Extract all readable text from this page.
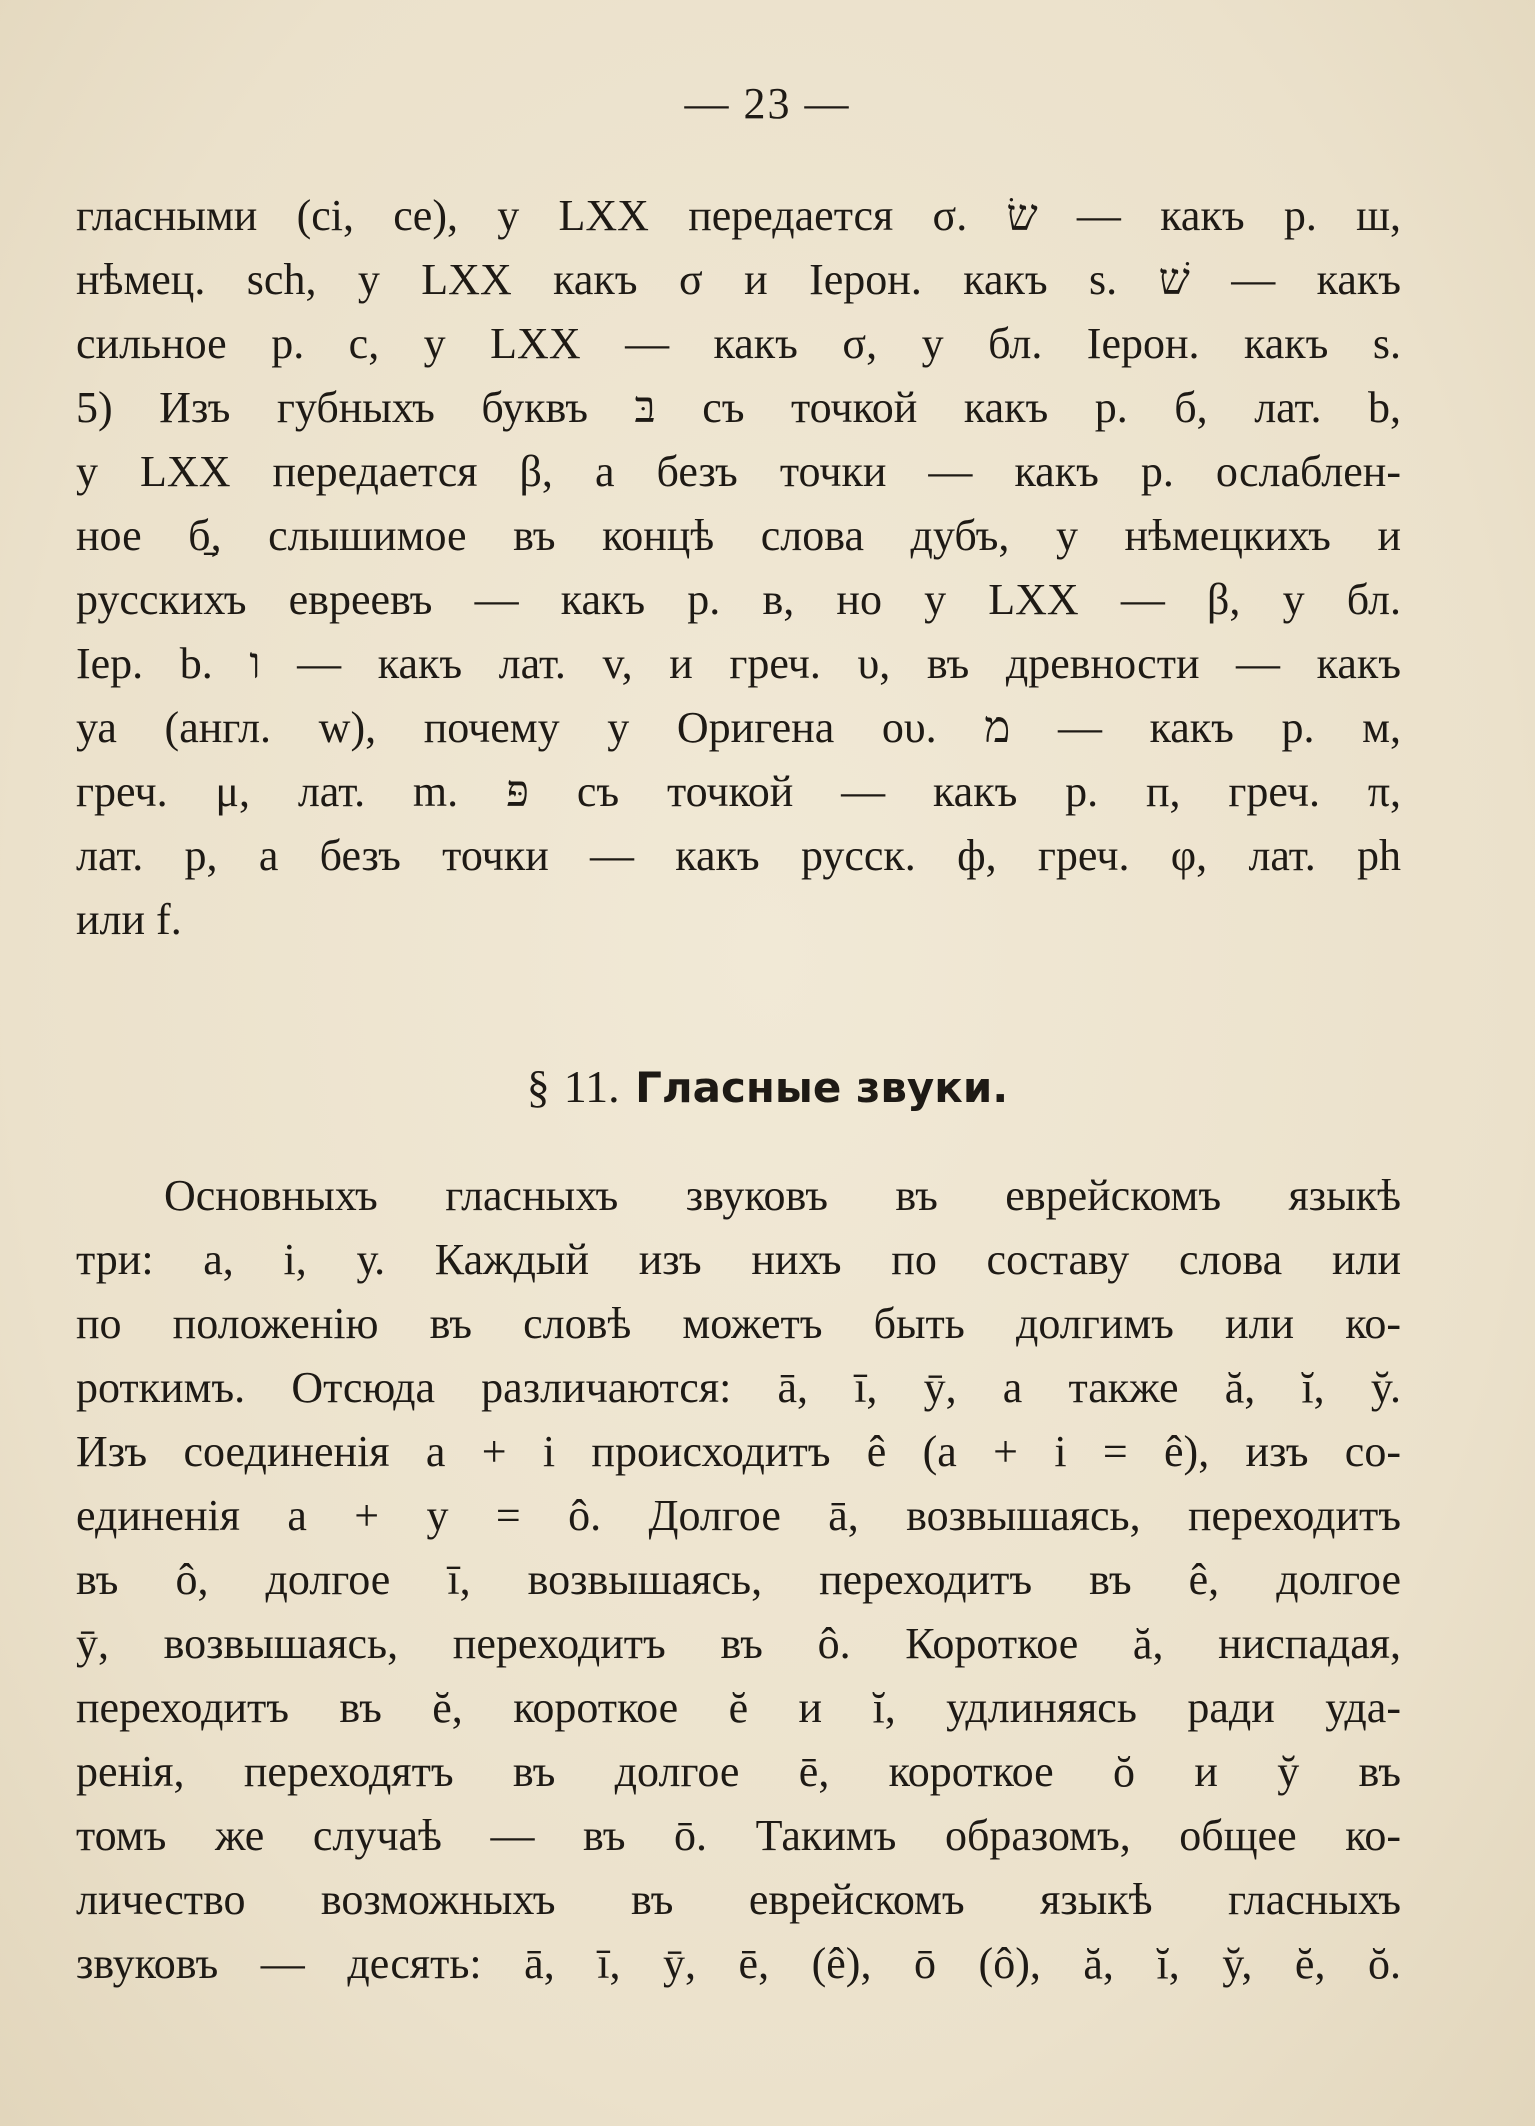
— 23 —
гласными (ci, ce), у LXX передается σ. שׂ — какъ р. ш,
нѣмец. sch, у LXX какъ σ и Іерон. какъ s. שׁ — какъ
сильное р. с, у LXX — какъ σ, у бл. Іерон. какъ s.
5) Изъ губныхъ буквъ בּ съ точкой какъ р. б, лат. b,
у LXX передается β, а безъ точки — какъ р. ослаблен-
ное б̱, слышимое въ концѣ слова дубъ, у нѣмецкихъ и
русскихъ евреевъ — какъ р. в, но у LXX — β, у бл.
Іер. b. ו — какъ лат. v, и греч. υ, въ древности — какъ
уа (англ. w), почему у Оригена ου. מ — какъ р. м,
греч. μ, лат. m. פּ съ точкой — какъ р. п, греч. π,
лат. p, а безъ точки — какъ русск. ф, греч. φ, лат. ph
или f.
§ 11. Гласные звуки.
Основныхъ гласныхъ звуковъ въ еврейскомъ языкѣ
три: а, і, у. Каждый изъ нихъ по составу слова или
по положенію въ словѣ можетъ быть долгимъ или ко-
роткимъ. Отсюда различаются: ā, ī, ȳ, а также ă, ĭ, y̆.
Изъ соединенія a + i происходитъ ê (a + i = ê), изъ со-
единенія a + y = ô. Долгое ā, возвышаясь, переходитъ
въ ô, долгое ī, возвышаясь, переходитъ въ ê, долгое
ȳ, возвышаясь, переходитъ въ ô. Короткое ă, ниспадая,
переходитъ въ ĕ, короткое ĕ и ĭ, удлиняясь ради уда-
ренія, переходятъ въ долгое ē, короткое ŏ и y̆ въ
томъ же случаѣ — въ ō. Такимъ образомъ, общее ко-
личество возможныхъ въ еврейскомъ языкѣ гласныхъ
звуковъ — десять: ā, ī, ȳ, ē, (ê), ō (ô), ă, ĭ, y̆, ĕ, ŏ.
